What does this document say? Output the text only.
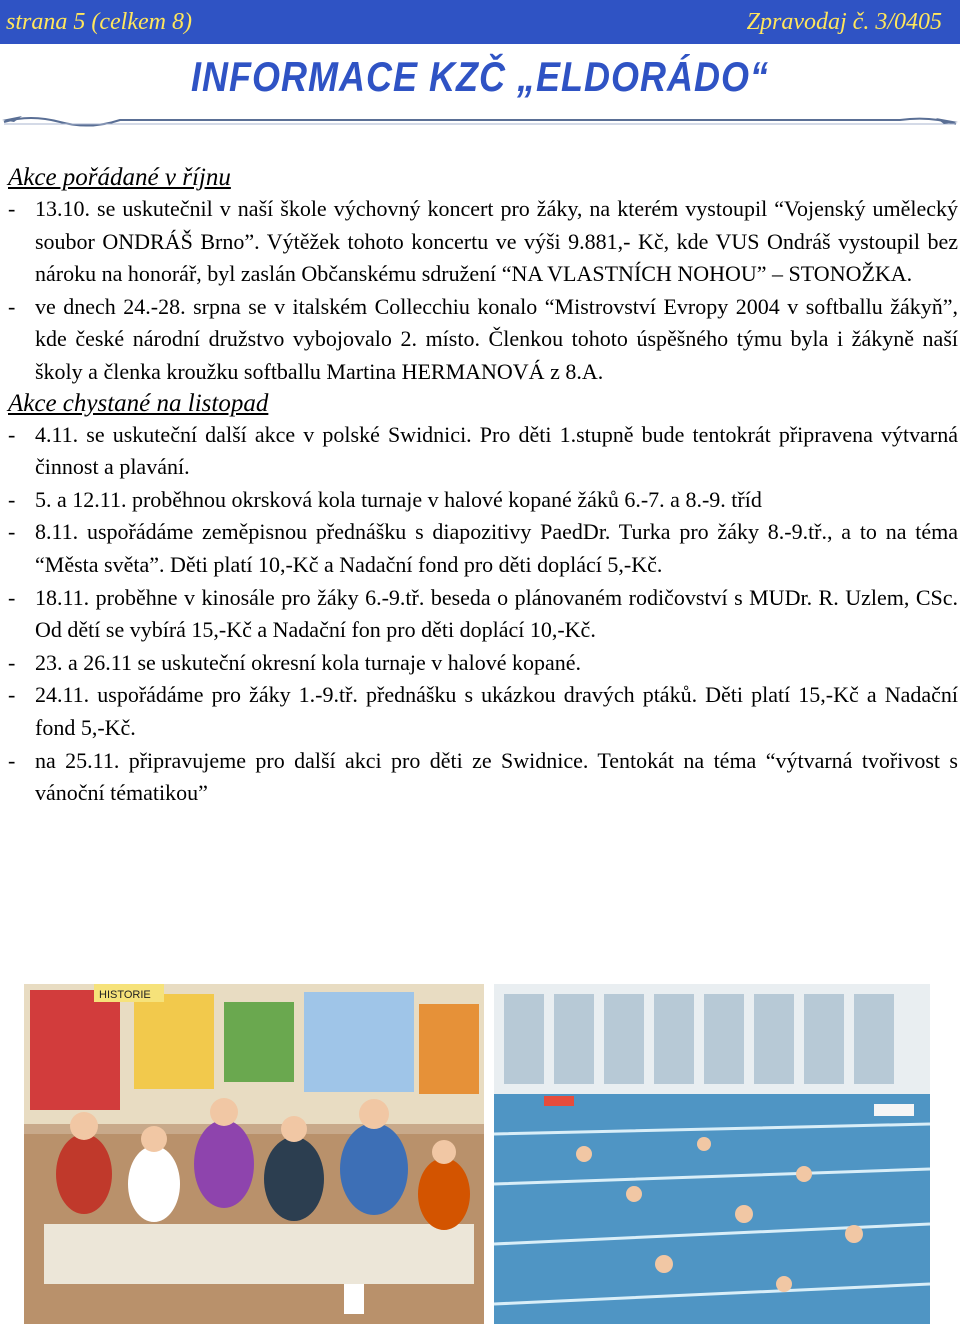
strana 5 (celkem 8)	Zpravodaj č. 3/0405
INFORMACE KZČ „ELDORÁDO“

Akce pořádané v říjnu

- 13.10. se uskutečnil v naší škole výchovný koncert pro žáky, na kterém vystoupil “Vojenský umělecký soubor ONDRÁŠ Brno”. Výtěžek tohoto koncertu ve výši 9.881,- Kč, kde VUS Ondráš vystoupil bez nároku na honorář, byl zaslán Občanskému sdružení “NA VLASTNÍCH NOHOU” – STONOŽKA.
- ve dnech 24.-28. srpna se v italském Collecchiu konalo “Mistrovství Evropy 2004 v softballu žákyň”, kde české národní družstvo vybojovalo 2. místo. Členkou tohoto úspěšného týmu byla i žákyně naší školy a členka kroužku softballu Martina HERMANOVÁ z 8.A.

Akce chystané na listopad

- 4.11. se uskuteční další akce v polské Swidnici. Pro děti 1.stupně bude tentokrát připravena výtvarná činnost a plavání.
- 5. a 12.11. proběhnou okrsková kola turnaje v halové kopané žáků 6.-7. a 8.-9. tříd
- 8.11. uspořádáme zeměpisnou přednášku s diapozitivy PaedDr. Turka pro žáky 8.-9.tř., a to na téma “Města světa”. Děti platí 10,-Kč a Nadační fond pro děti doplácí 5,-Kč.
- 18.11. proběhne v kinosále pro žáky 6.-9.tř. beseda o plánovaném rodičovství s MUDr. R. Uzlem, CSc. Od dětí se vybírá 15,-Kč a Nadační fon pro děti doplácí 10,-Kč.
- 23. a 26.11 se uskuteční okresní kola turnaje v halové kopané.
- 24.11. uspořádáme pro žáky 1.-9.tř. přednášku s ukázkou dravých ptáků. Děti platí 15,-Kč a Nadační fond 5,-Kč.
- na 25.11. připravujeme pro další akci pro děti ze Swidnice. Tentokát na téma “výtvarná tvořivost s vánoční tématikou”
HISTORIE
